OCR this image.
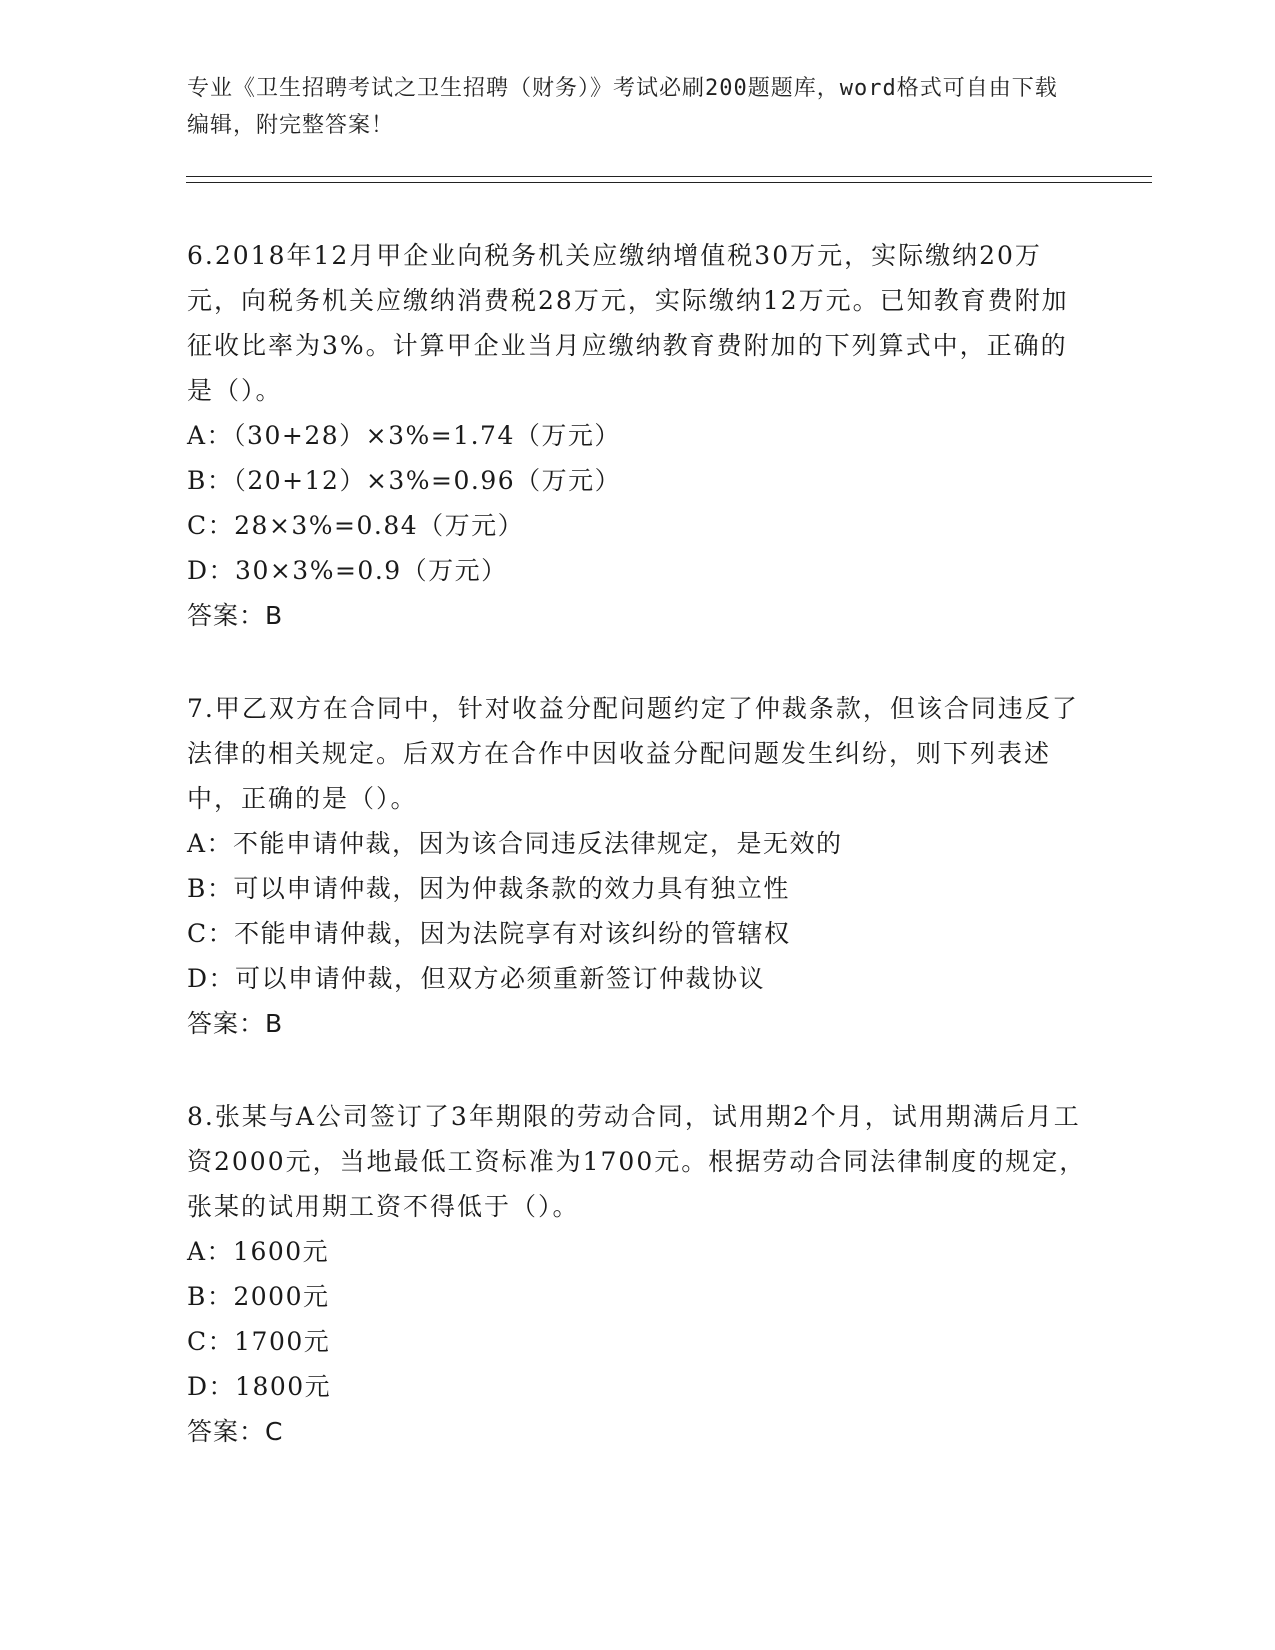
专业《卫生招聘考试之卫生招聘（财务）》考试必刷200题题库，word格式可自由下载编辑，附完整答案！

6.2018年12月甲企业向税务机关应缴纳增值税30万元，实际缴纳20万元，向税务机关应缴纳消费税28万元，实际缴纳12万元。已知教育费附加征收比率为3%。计算甲企业当月应缴纳教育费附加的下列算式中，正确的是（）。

A：（30+28）×3%=1.74（万元）

B：（20+12）×3%=0.96（万元）

C：28×3%=0.84（万元）

D：30×3%=0.9（万元）

答案：B

7.甲乙双方在合同中，针对收益分配问题约定了仲裁条款，但该合同违反了法律的相关规定。后双方在合作中因收益分配问题发生纠纷，则下列表述中，正确的是（）。

A：不能申请仲裁，因为该合同违反法律规定，是无效的

B：可以申请仲裁，因为仲裁条款的效力具有独立性

C：不能申请仲裁，因为法院享有对该纠纷的管辖权

D：可以申请仲裁，但双方必须重新签订仲裁协议

答案：B

8.张某与A公司签订了3年期限的劳动合同，试用期2个月，试用期满后月工资2000元，当地最低工资标准为1700元。根据劳动合同法律制度的规定，张某的试用期工资不得低于（）。

A：1600元

B：2000元

C：1700元

D：1800元

答案：C
